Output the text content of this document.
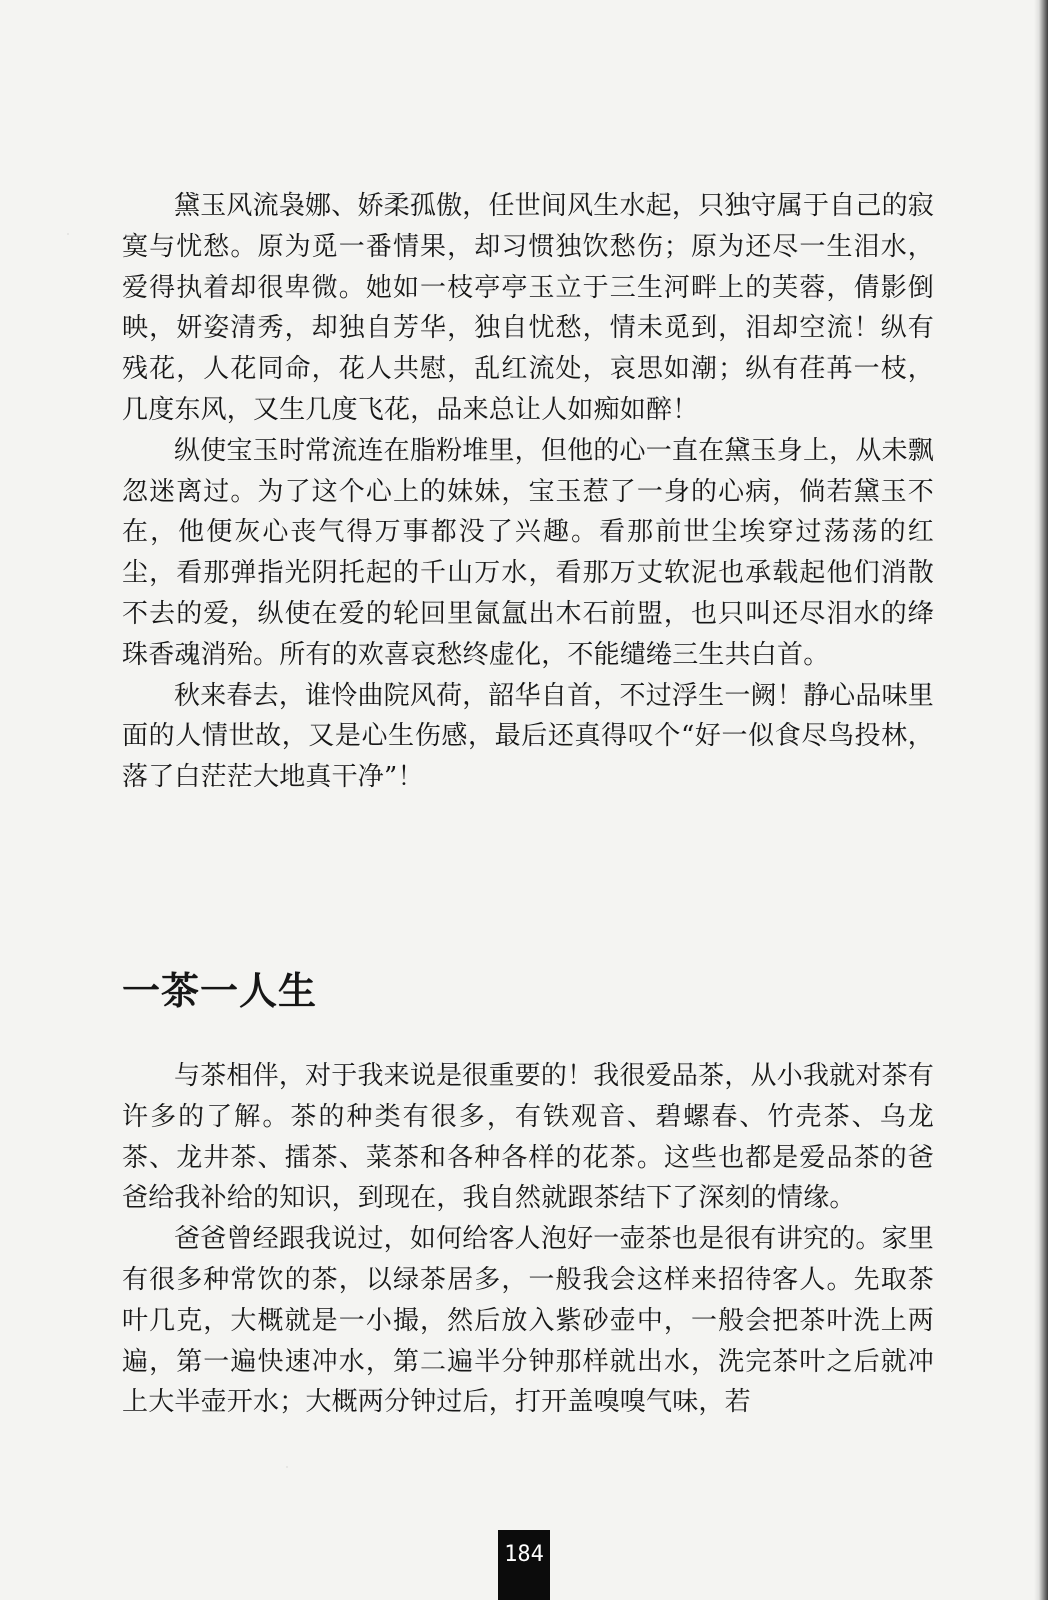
黛玉风流袅娜、娇柔孤傲，任世间风生水起，只独守属于自己的寂寞与忧愁。原为觅一番情果，却习惯独饮愁伤；原为还尽一生泪水，爱得执着却很卑微。她如一枝亭亭玉立于三生河畔上的芙蓉，倩影倒映，妍姿清秀，却独自芳华，独自忧愁，情未觅到，泪却空流！纵有残花，人花同命，花人共慰，乱红流处，哀思如潮；纵有荏苒一枝，几度东风，又生几度飞花，品来总让人如痴如醉！

纵使宝玉时常流连在脂粉堆里，但他的心一直在黛玉身上，从未飘忽迷离过。为了这个心上的妹妹，宝玉惹了一身的心病，倘若黛玉不在，他便灰心丧气得万事都没了兴趣。看那前世尘埃穿过荡荡的红尘，看那弹指光阴托起的千山万水，看那万丈软泥也承载起他们消散不去的爱，纵使在爱的轮回里氤氲出木石前盟，也只叫还尽泪水的绛珠香魂消殆。所有的欢喜哀愁终虚化，不能缱绻三生共白首。

秋来春去，谁怜曲院风荷，韶华自首，不过浮生一阙！静心品味里面的人情世故，又是心生伤感，最后还真得叹个“好一似食尽鸟投林，落了白茫茫大地真干净”！

一茶一人生

与茶相伴，对于我来说是很重要的！我很爱品茶，从小我就对茶有许多的了解。茶的种类有很多，有铁观音、碧螺春、竹壳茶、乌龙茶、龙井茶、擂茶、菜茶和各种各样的花茶。这些也都是爱品茶的爸爸给我补给的知识，到现在，我自然就跟茶结下了深刻的情缘。

爸爸曾经跟我说过，如何给客人泡好一壶茶也是很有讲究的。家里有很多种常饮的茶，以绿茶居多，一般我会这样来招待客人。先取茶叶几克，大概就是一小撮，然后放入紫砂壶中，一般会把茶叶洗上两遍，第一遍快速冲水，第二遍半分钟那样就出水，洗完茶叶之后就冲上大半壶开水；大概两分钟过后，打开盖嗅嗅气味，若

184
